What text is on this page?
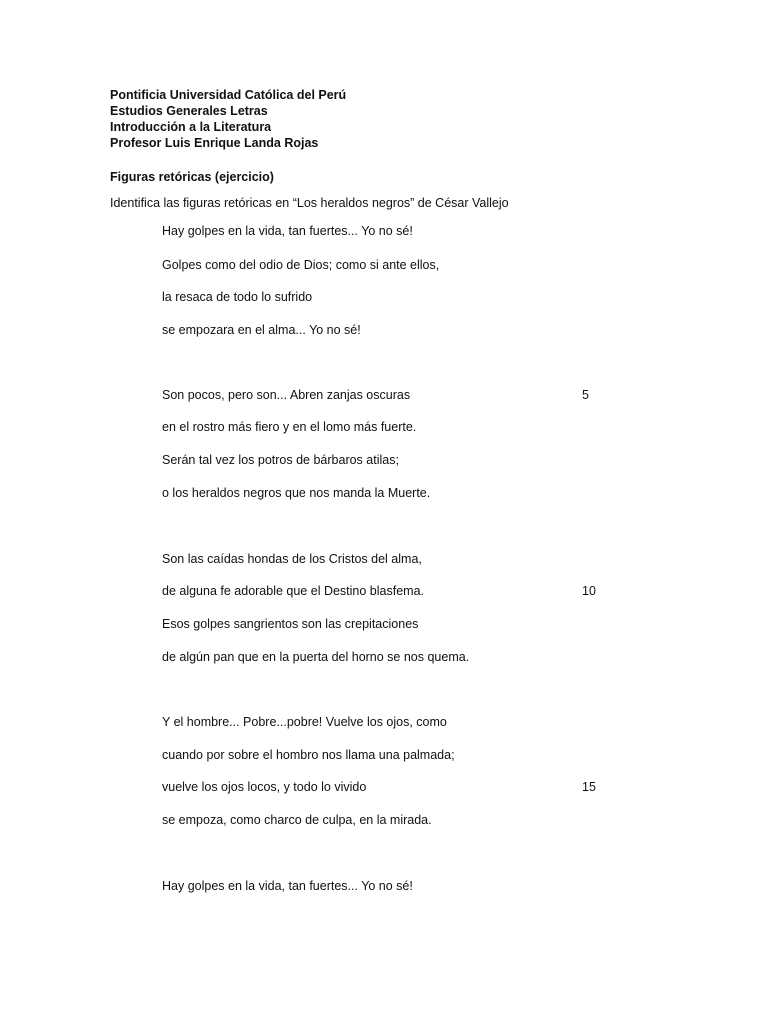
Pontificia Universidad Católica del Perú
Estudios Generales Letras
Introducción a la Literatura
Profesor Luis Enrique Landa Rojas
Figuras retóricas (ejercicio)
Identifica las figuras retóricas en “Los heraldos negros” de César Vallejo
Hay golpes en la vida, tan fuertes... Yo no sé!
Golpes como del odio de Dios; como si ante ellos,
la resaca de todo lo sufrido
se empozara en el alma... Yo no sé!
Son pocos, pero son... Abren zanjas oscuras	5
en el rostro más fiero y en el lomo más fuerte.
Serán tal vez los potros de bárbaros atilas;
o los heraldos negros que nos manda la Muerte.
Son las caídas hondas de los Cristos del alma,
de alguna fe adorable que el Destino blasfema.	10
Esos golpes sangrientos son las crepitaciones
de algún pan que en la puerta del horno se nos quema.
Y el hombre... Pobre...pobre! Vuelve los ojos, como
cuando por sobre el hombro nos llama una palmada;
vuelve los ojos locos, y todo lo vivido	15
se empoza, como charco de culpa, en la mirada.
Hay golpes en la vida, tan fuertes... Yo no sé!
